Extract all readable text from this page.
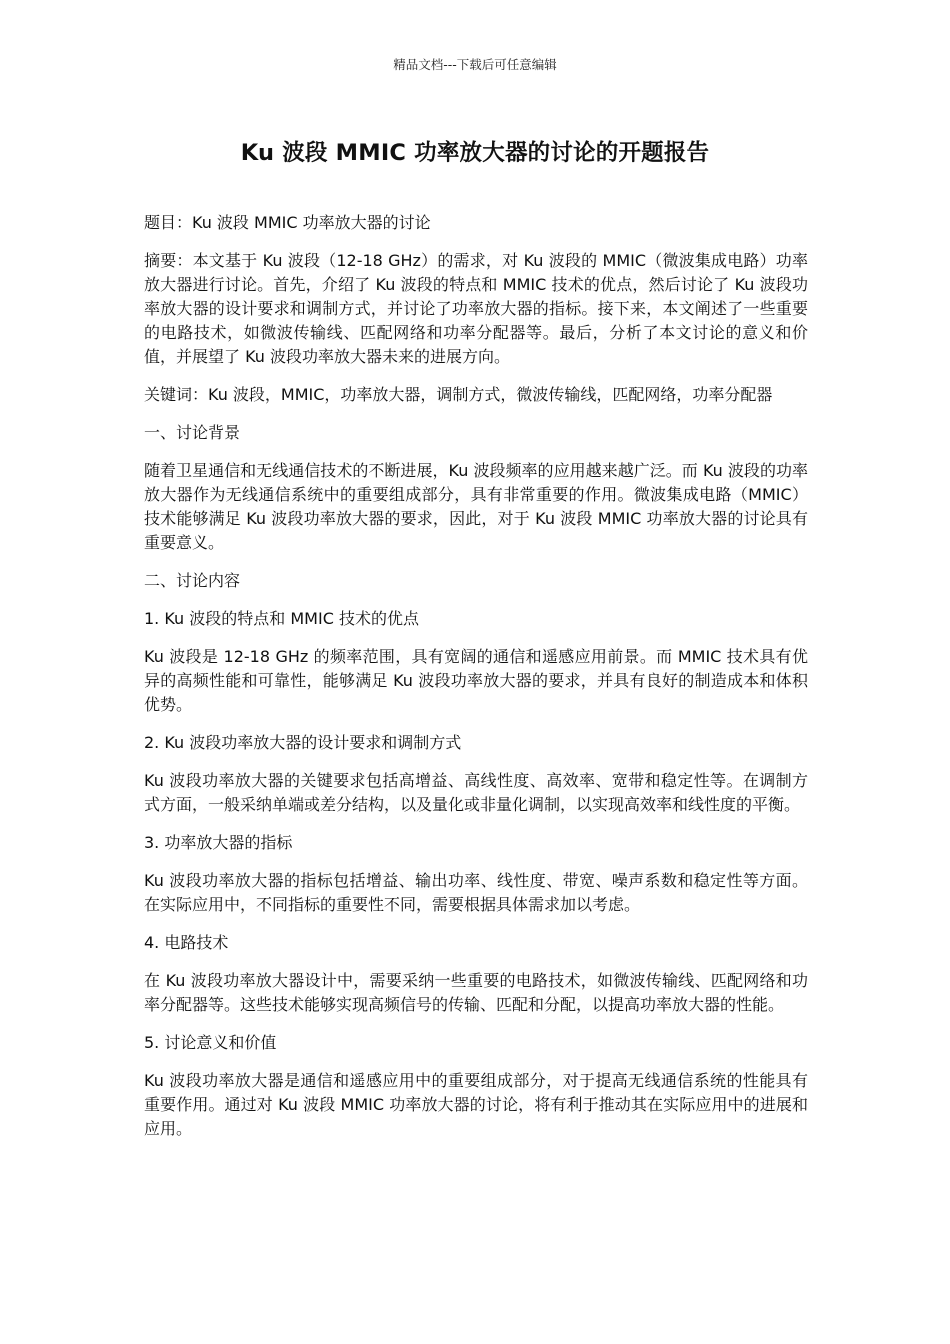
精品文档---下载后可任意编辑
Ku 波段 MMIC 功率放大器的讨论的开题报告

题目：Ku 波段 MMIC 功率放大器的讨论

摘要：本文基于 Ku 波段（12-18 GHz）的需求，对 Ku 波段的 MMIC（微波集成电路）功率放大器进行讨论。首先，介绍了 Ku 波段的特点和 MMIC 技术的优点，然后讨论了 Ku 波段功率放大器的设计要求和调制方式，并讨论了功率放大器的指标。接下来，本文阐述了一些重要的电路技术，如微波传输线、匹配网络和功率分配器等。最后，分析了本文讨论的意义和价值，并展望了 Ku 波段功率放大器未来的进展方向。

关键词：Ku 波段，MMIC，功率放大器，调制方式，微波传输线，匹配网络，功率分配器

一、讨论背景

随着卫星通信和无线通信技术的不断进展，Ku 波段频率的应用越来越广泛。而 Ku 波段的功率放大器作为无线通信系统中的重要组成部分，具有非常重要的作用。微波集成电路（MMIC）技术能够满足 Ku 波段功率放大器的要求，因此，对于 Ku 波段 MMIC 功率放大器的讨论具有重要意义。

二、讨论内容

1. Ku 波段的特点和 MMIC 技术的优点

Ku 波段是 12-18 GHz 的频率范围，具有宽阔的通信和遥感应用前景。而 MMIC 技术具有优异的高频性能和可靠性，能够满足 Ku 波段功率放大器的要求，并具有良好的制造成本和体积优势。

2. Ku 波段功率放大器的设计要求和调制方式

Ku 波段功率放大器的关键要求包括高增益、高线性度、高效率、宽带和稳定性等。在调制方式方面，一般采纳单端或差分结构，以及量化或非量化调制，以实现高效率和线性度的平衡。

3. 功率放大器的指标

Ku 波段功率放大器的指标包括增益、输出功率、线性度、带宽、噪声系数和稳定性等方面。在实际应用中，不同指标的重要性不同，需要根据具体需求加以考虑。

4. 电路技术

在 Ku 波段功率放大器设计中，需要采纳一些重要的电路技术，如微波传输线、匹配网络和功率分配器等。这些技术能够实现高频信号的传输、匹配和分配，以提高功率放大器的性能。

5. 讨论意义和价值

Ku 波段功率放大器是通信和遥感应用中的重要组成部分，对于提高无线通信系统的性能具有重要作用。通过对 Ku 波段 MMIC 功率放大器的讨论，将有利于推动其在实际应用中的进展和应用。
